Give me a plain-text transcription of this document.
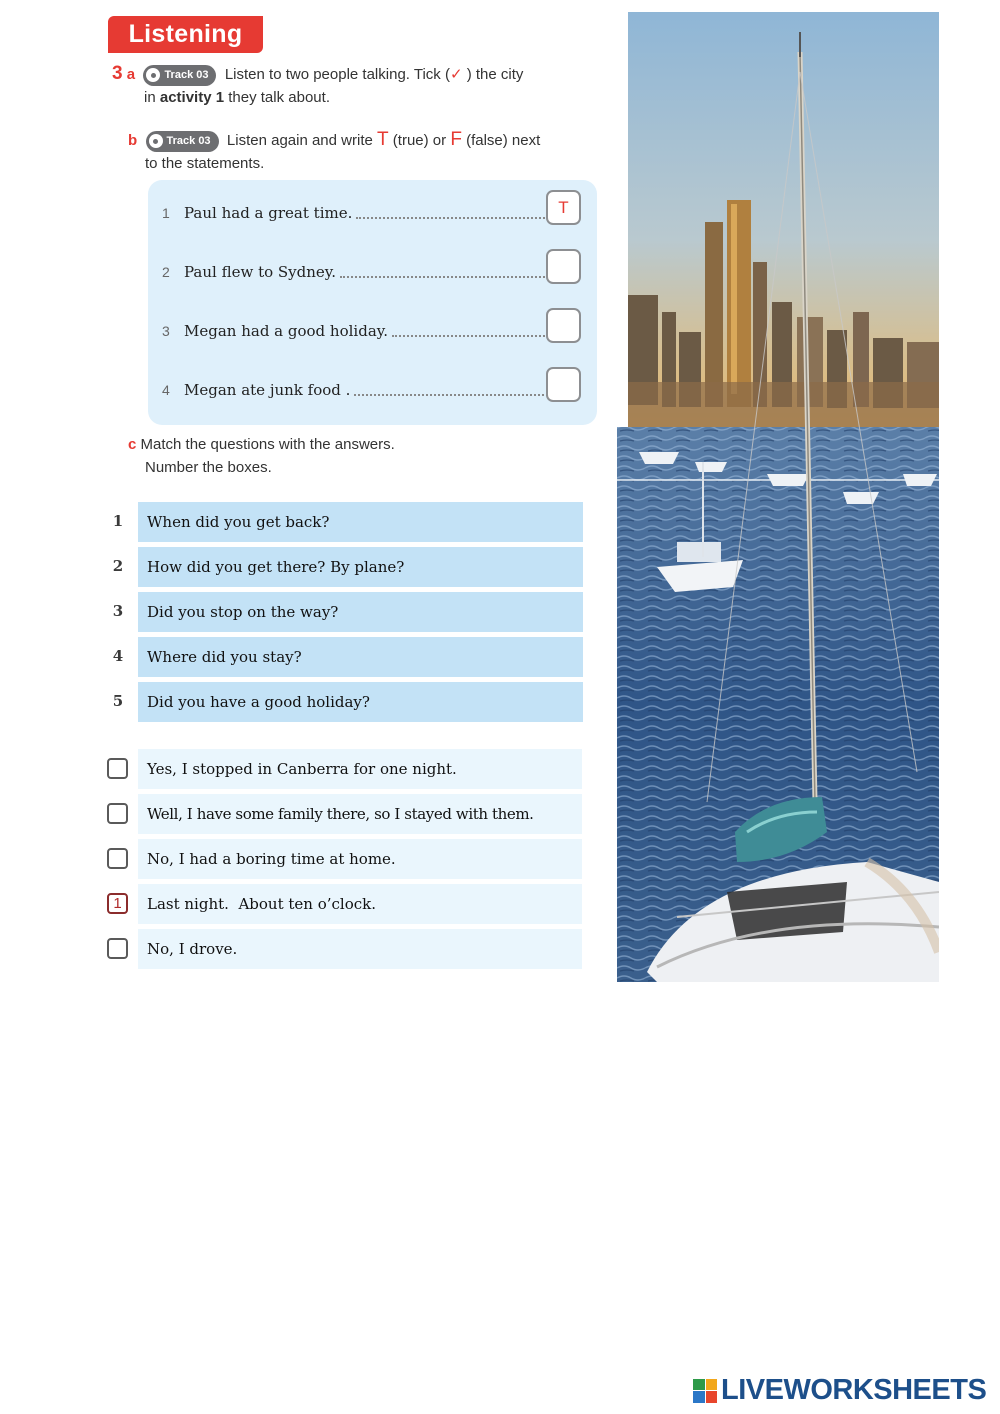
Listening
3 a	Track 03 Listen to two people talking. Tick (✓ ) the city
in activity 1 they talk about.
b	Track 03 Listen again and write T (true) or F (false) next
to the statements.
1 Paul had a great time.	T
2 Paul flew to Sydney.
3 Megan had a good holiday.
4 Megan ate junk food .
c Match the questions with the answers.
Number the boxes.
1	When did you get back?
2	How did you get there? By plane?
3	Did you stop on the way?
4	Where did you stay?
5	Did you have a good holiday?
Yes, I stopped in Canberra for one night.
Well, I have some family there, so I stayed with them.
No, I had a boring time at home.
1	Last night.  About ten o’clock.
No, I drove.
LIVEWORKSHEETS
